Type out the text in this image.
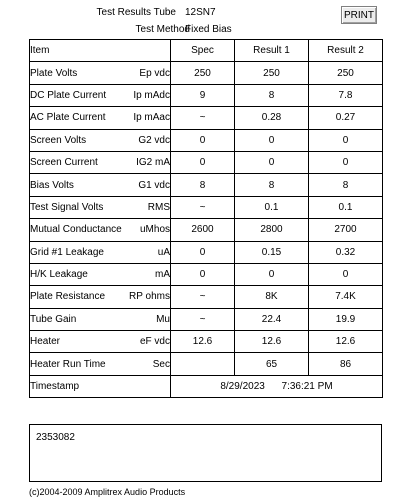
Test Results Tube 12SN7
Test Method
Fixed Bias
PRINT
Item	Spec	Result 1	Result 2

Plate Volts Ep vdc	250	250	250

DC Plate Current Ip mAdc	9	8	7.8

AC Plate Current Ip mAac	~	0.28	0.27

Screen Volts G2 vdc	0	0	0

Screen Current IG2 mA	0	0	0

Bias Volts G1 vdc	8	8	8

Test Signal Volts RMS	~	0.1	0.1

Mutual Conductance uMhos	2600	2800	2700

Grid #1 Leakage uA	0	0.15	0.32

H/K Leakage mA	0	0	0

Plate Resistance RP ohms	~	8K	7.4K

Tube Gain Mu	~	22.4	19.9

Heater eF vdc	12.6	12.6	12.6

Heater Run Time Sec		65	86
Timestamp	8/29/2023      7:36:21 PM		
2353082
(c)2004-2009 Amplitrex Audio Products
